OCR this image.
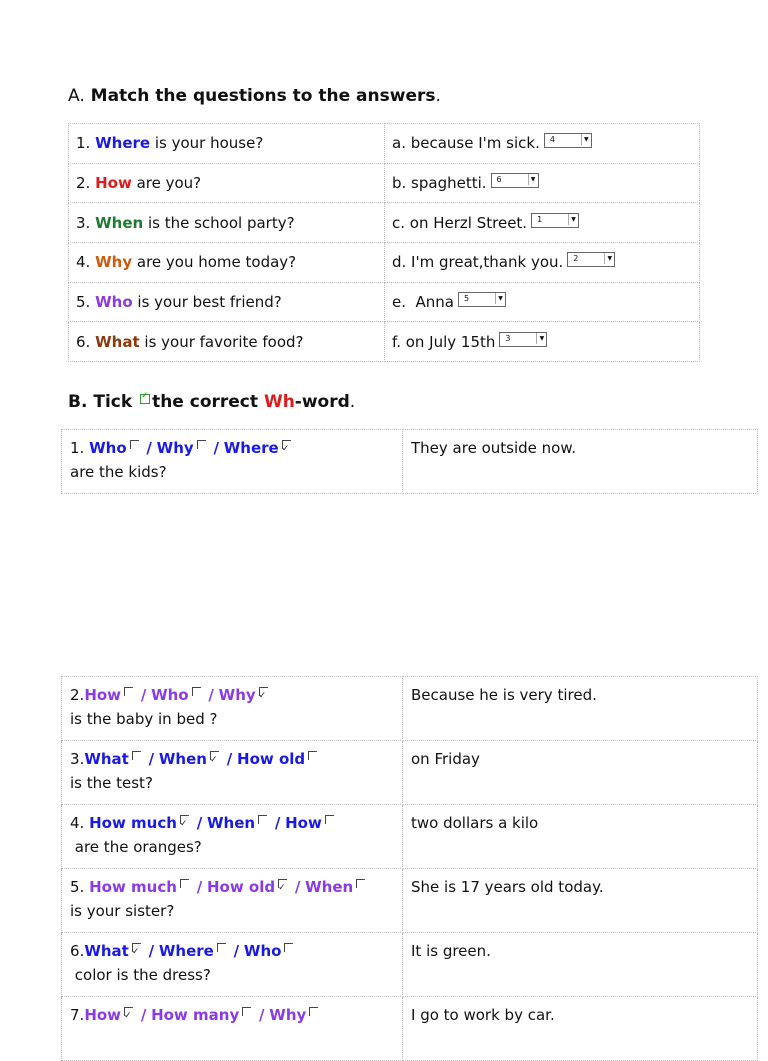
A. Match the questions to the answers.
1. Where is your house?	a. because I'm sick. 4 ▼

2. How are you?	b. spaghetti. 6 ▼

3. When is the school party?	c. on Herzl Street. 1 ▼

4. Why are you home today?	d. I'm great,thank you. 2 ▼

5. Who is your best friend?	e.  Anna 5 ▼

6. What is your favorite food?	f. on July 15th 3 ▼
B. Tick ✓ the correct Wh-word.
1. Who / Why / Where✓
are the kids?	They are outside now.
2.How / Who / Why✓
is the baby in bed ?	Because he is very tired.
3.What / When ✓ / How old
is the test?	on Friday
4. How much ✓ / When / How
are the oranges?	two dollars a kilo
5. How much / How old ✓ / When
is your sister?	She is 17 years old today.
6.What ✓ / Where / Who
color is the dress?	It is green.
7.How ✓ / How many / Why	I go to work by car.
